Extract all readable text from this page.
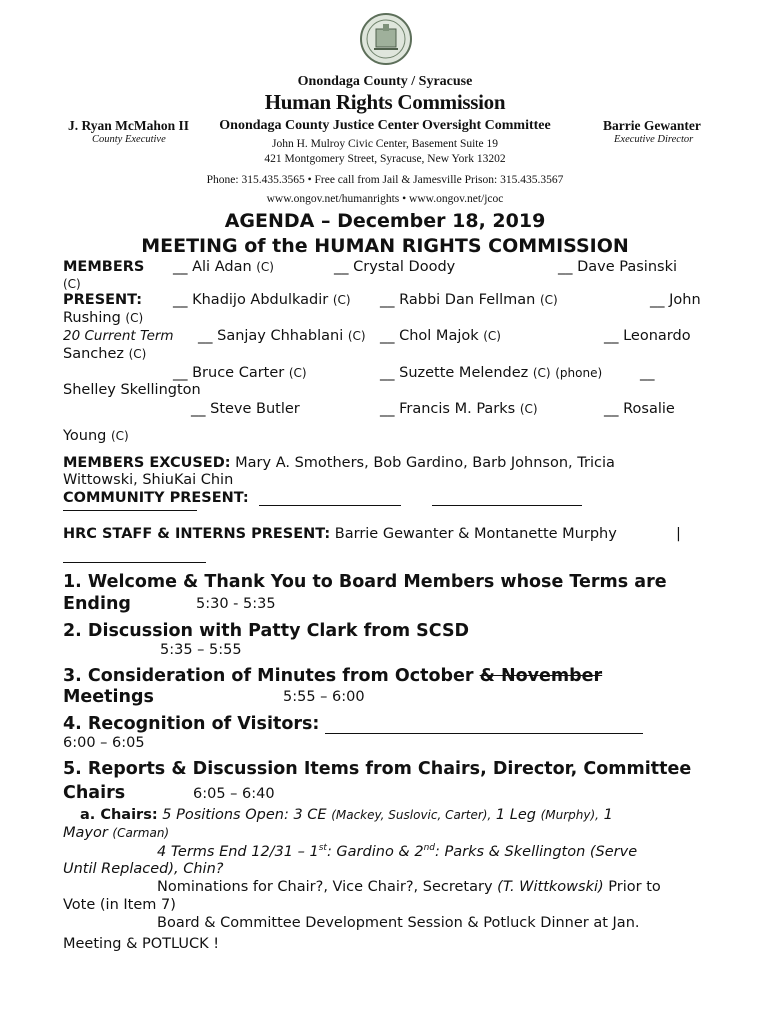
Onondaga County / Syracuse
Human Rights Commission
Onondaga County Justice Center Oversight Committee
John H. Mulroy Civic Center, Basement Suite 19
421 Montgomery Street, Syracuse, New York 13202
Phone: 315.435.3565 • Free call from Jail & Jamesville Prison: 315.435.3567
www.ongov.net/humanrights • www.ongov.net/jcoc
J. Ryan McMahon II
County Executive
Barrie Gewanter
Executive Director
AGENDA – December 18, 2019
MEETING of the HUMAN RIGHTS COMMISSION
MEMBERS __ Ali Adan (C)	__ Crystal Doody	__ Dave Pasinski
(C)
PRESENT: __ Khadijo Abdulkadir (C) __ Rabbi Dan Fellman (C)	__ John
Rushing (C)
20 Current Term __ Sanjay Chhablani (C) __ Chol Majok (C)	__ Leonardo
Sanchez (C)
__ Bruce Carter (C)	__ Suzette Melendez (C) (phone)	__
Shelley Skellington
__ Steve Butler	__ Francis M. Parks (C)	__ Rosalie
Young (C)
MEMBERS EXCUSED: Mary A. Smothers, Bob Gardino, Barb Johnson, Tricia
Wittowski, ShiuKai Chin
COMMUNITY PRESENT:
HRC STAFF & INTERNS PRESENT: Barrie Gewanter & Montanette Murphy	|
1. Welcome & Thank You to Board Members whose Terms are
Ending	5:30 - 5:35
2. Discussion with Patty Clark from SCSD
5:35 – 5:55
3. Consideration of Minutes from October & November
Meetings	5:55 – 6:00
4. Recognition of Visitors:
6:00 – 6:05
5. Reports & Discussion Items from Chairs, Director, Committee
Chairs	6:05 – 6:40
a. Chairs: 5 Positions Open: 3 CE (Mackey, Suslovic, Carter), 1 Leg (Murphy), 1
Mayor (Carman)
4 Terms End 12/31 – 1st: Gardino & 2nd: Parks & Skellington (Serve
Until Replaced), Chin?
Nominations for Chair?, Vice Chair?, Secretary (T. Wittkowski) Prior to
Vote (in Item 7)
Board & Committee Development Session & Potluck Dinner at Jan.
Meeting & POTLUCK !
